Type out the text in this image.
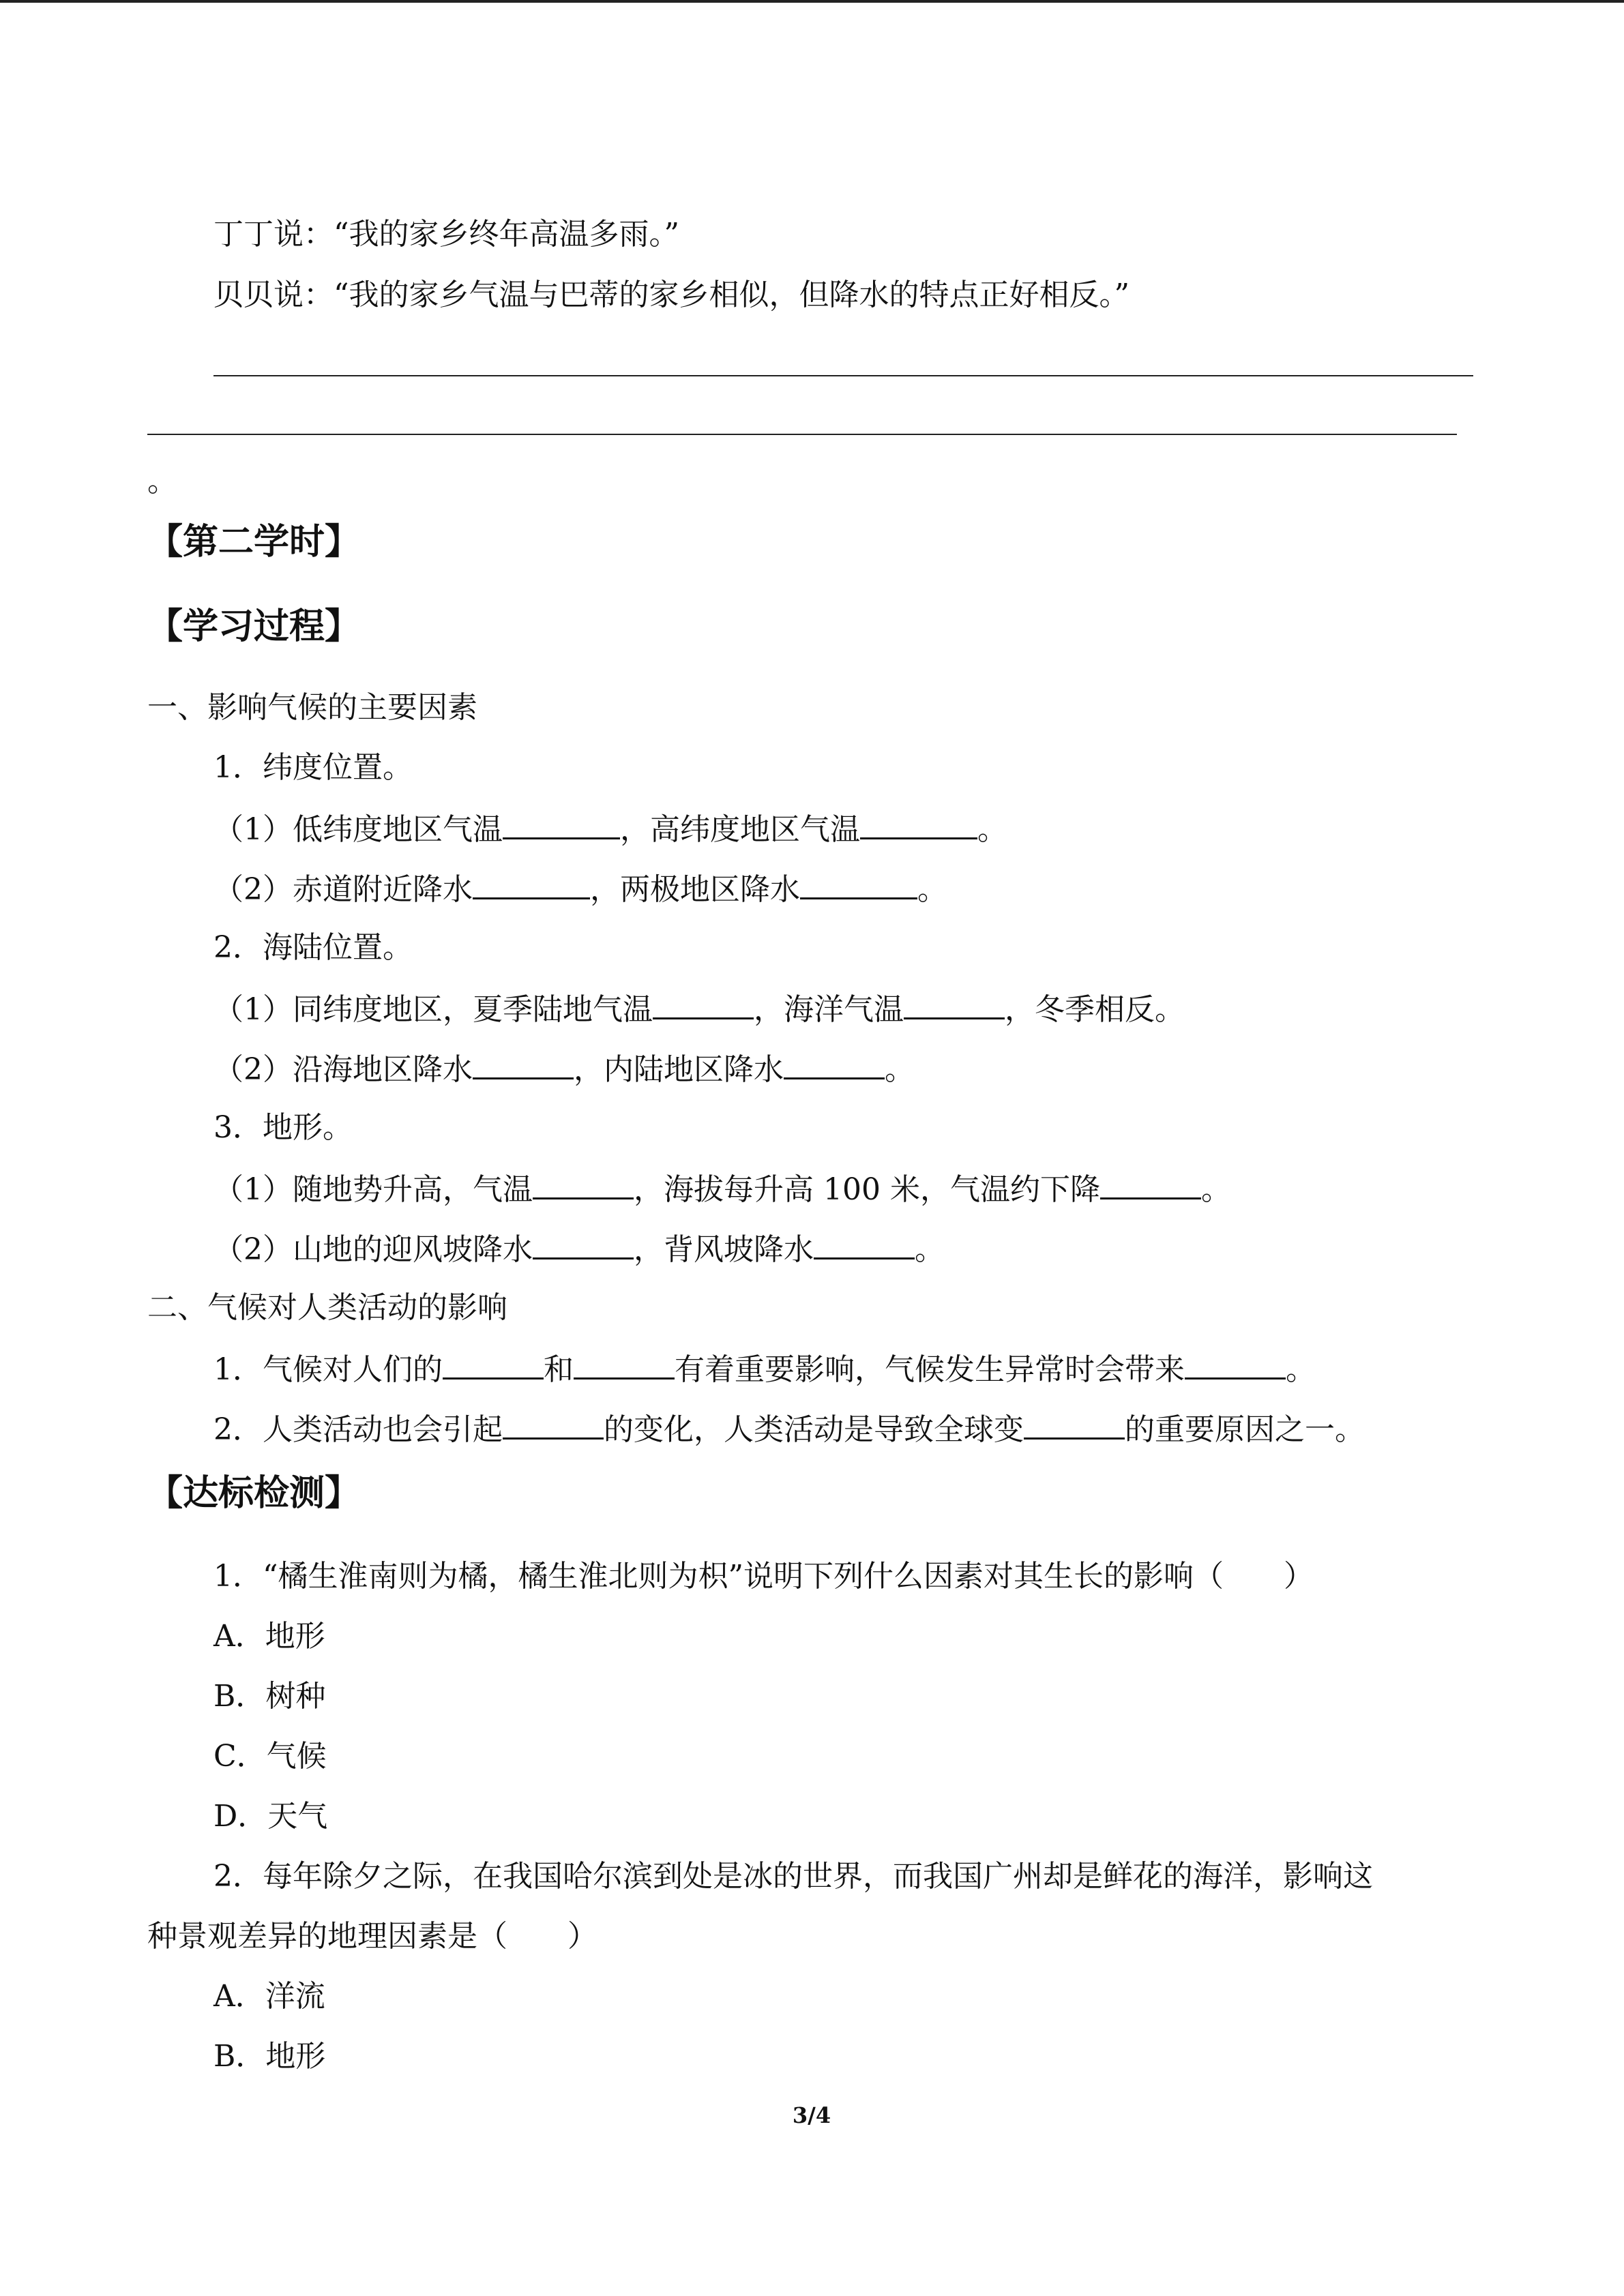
丁丁说：“我的家乡终年高温多雨。”
贝贝说：“我的家乡气温与巴蒂的家乡相似，但降水的特点正好相反。”
。
【第二学时】
【学习过程】
一、影响气候的主要因素
1．纬度位置。
（1）低纬度地区气温	，高纬度地区气温	。
（2）赤道附近降水	，两极地区降水	。
2．海陆位置。
（1）同纬度地区，夏季陆地气温	，海洋气温	，冬季相反。
（2）沿海地区降水	，内陆地区降水	。
3．地形。
（1）随地势升高，气温	，海拔每升高 100 米，气温约下降	。
（2）山地的迎风坡降水	，背风坡降水	。
二、气候对人类活动的影响
1．气候对人们的	和	有着重要影响，气候发生异常时会带来	。
2．人类活动也会引起	的变化，人类活动是导致全球变	的重要原因之一。
【达标检测】
1．“橘生淮南则为橘，橘生淮北则为枳”说明下列什么因素对其生长的影响（　　）
A．地形
B．树种
C．气候
D．天气
2．每年除夕之际，在我国哈尔滨到处是冰的世界，而我国广州却是鲜花的海洋，影响这
种景观差异的地理因素是（　　）
A．洋流
B．地形
3/4
